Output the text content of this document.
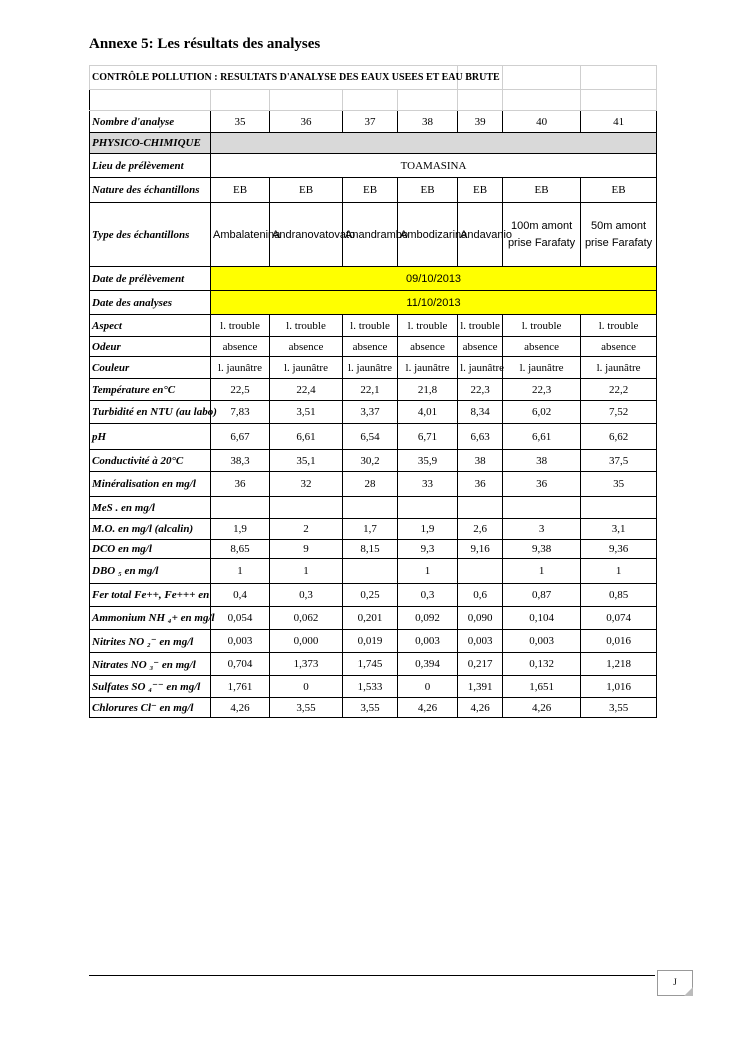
Annexe 5: Les résultats des analyses
CONTRÔLE POLLUTION : RESULTATS D'ANALYSE DES EAUX USEES ET EAU BRUTE							

Nombre d'analyse	35	36	37	38	39	40	41
PHYSICO-CHIMIQUE							
Lieu de prélèvement	TOAMASINA						
Nature des échantillons	EB	EB	EB	EB	EB	EB	EB
Type des échantillons	Ambalatenina	Andranovatovato	Anandrambo	Ambodizarina	Andavanio	100m amont prise Farafaty	50m amont prise Farafaty
Date de prélèvement	09/10/2013						
Date des analyses	11/10/2013						
Aspect	l. trouble	l. trouble	l. trouble	l. trouble	l. trouble	l. trouble	l. trouble
Odeur	absence	absence	absence	absence	absence	absence	absence
Couleur	l. jaunâtre	l. jaunâtre	l. jaunâtre	l. jaunâtre	l. jaunâtre	l. jaunâtre	l. jaunâtre
Température en°C	22,5	22,4	22,1	21,8	22,3	22,3	22,2
Turbidité en NTU (au labo)	7,83	3,51	3,37	4,01	8,34	6,02	7,52
pH	6,67	6,61	6,54	6,71	6,63	6,61	6,62
Conductivité à 20°C	38,3	35,1	30,2	35,9	38	38	37,5
Minéralisation en mg/l	36	32	28	33	36	36	35
MeS . en mg/l							
M.O. en mg/l (alcalin)	1,9	2	1,7	1,9	2,6	3	3,1
DCO en mg/l	8,65	9	8,15	9,3	9,16	9,38	9,36
DBO ₅ en mg/l	1	1		1		1	1
Fer total Fe++, Fe+++ en	0,4	0,3	0,25	0,3	0,6	0,87	0,85
Ammonium NH ₄+ en mg/l	0,054	0,062	0,201	0,092	0,090	0,104	0,074
Nitrites NO ₂⁻ en mg/l	0,003	0,000	0,019	0,003	0,003	0,003	0,016
Nitrates NO ₃⁻ en mg/l	0,704	1,373	1,745	0,394	0,217	0,132	1,218
Sulfates SO ₄⁻⁻ en mg/l	1,761	0	1,533	0	1,391	1,651	1,016
Chlorures Cl⁻ en mg/l	4,26	3,55	3,55	4,26	4,26	4,26	3,55
J
